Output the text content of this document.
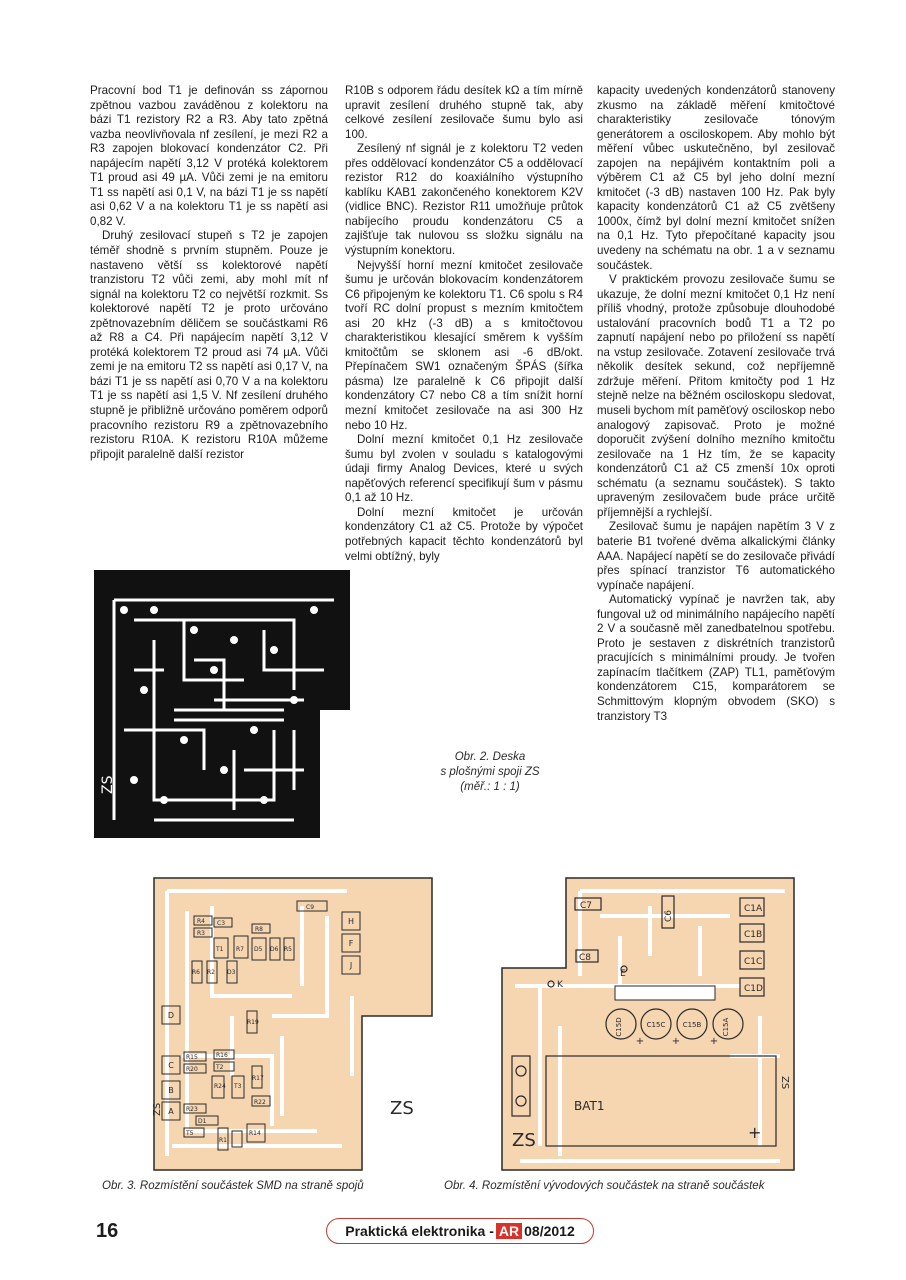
Pracovní bod T1 je definován ss zápornou zpětnou vazbou zaváděnou z kolektoru na bázi T1 rezistory R2 a R3. Aby tato zpětná vazba neovlivňovala nf zesílení, je mezi R2 a R3 zapojen blokovací kondenzátor C2. Při napájecím napětí 3,12 V protéká kolektorem T1 proud asi 49 µA. Vůči zemi je na emitoru T1 ss napětí asi 0,1 V, na bázi T1 je ss napětí asi 0,62 V a na kolektoru T1 je ss napětí asi 0,82 V.

Druhý zesilovací stupeň s T2 je zapojen téměř shodně s prvním stupněm. Pouze je nastaveno větší ss kolektorové napětí tranzistoru T2 vůči zemi, aby mohl mít nf signál na kolektoru T2 co největší rozkmit. Ss kolektorové napětí T2 je proto určováno zpětnovazebním děličem se součástkami R6 až R8 a C4. Při napájecím napětí 3,12 V protéká kolektorem T2 proud asi 74 µA. Vůči zemi je na emitoru T2 ss napětí asi 0,17 V, na bázi T1 je ss napětí asi 0,70 V a na kolektoru T1 je ss napětí asi 1,5 V. Nf zesílení druhého stupně je přibližně určováno poměrem odporů pracovního rezistoru R9 a zpětnovazebního rezistoru R10A. K rezistoru R10A můžeme připojit paralelně další rezistor

R10B s odporem řádu desítek kΩ a tím mírně upravit zesílení druhého stupně tak, aby celkové zesílení zesilovače šumu bylo asi 100.

Zesílený nf signál je z kolektoru T2 veden přes oddělovací kondenzátor C5 a oddělovací rezistor R12 do koaxiálního výstupního kablíku KAB1 zakončeného konektorem K2V (vidlice BNC). Rezistor R11 umožňuje průtok nabíjecího proudu kondenzátoru C5 a zajišťuje tak nulovou ss složku signálu na výstupním konektoru.

Nejvyšší horní mezní kmitočet zesilovače šumu je určován blokovacím kondenzátorem C6 připojeným ke kolektoru T1. C6 spolu s R4 tvoří RC dolní propust s mezním kmitočtem asi 20 kHz (-3 dB) a s kmitočtovou charakteristikou klesající směrem k vyšším kmitočtům se sklonem asi -6 dB/okt. Přepínačem SW1 označeným ŠPÁS (šířka pásma) lze paralelně k C6 připojit další kondenzátory C7 nebo C8 a tím snížit horní mezní kmitočet zesilovače na asi 300 Hz nebo 10 Hz.

Dolní mezní kmitočet 0,1 Hz zesilovače šumu byl zvolen v souladu s katalogovými údaji firmy Analog Devices, které u svých napěťových referencí specifikují šum v pásmu 0,1 až 10 Hz.

Dolní mezní kmitočet je určován kondenzátory C1 až C5. Protože by výpočet potřebných kapacit těchto kondenzátorů byl velmi obtížný, byly

kapacity uvedených kondenzátorů stanoveny zkusmo na základě měření kmitočtové charakteristiky zesilovače tónovým generátorem a osciloskopem. Aby mohlo být měření vůbec uskutečněno, byl zesilovač zapojen na nepájivém kontaktním poli a výběrem C1 až C5 byl jeho dolní mezní kmitočet (-3 dB) nastaven 100 Hz. Pak byly kapacity kondenzátorů C1 až C5 zvětšeny 1000x, čímž byl dolní mezní kmitočet snížen na 0,1 Hz. Tyto přepočítané kapacity jsou uvedeny na schématu na obr. 1 a v seznamu součástek.

V praktickém provozu zesilovače šumu se ukazuje, že dolní mezní kmitočet 0,1 Hz není příliš vhodný, protože způsobuje dlouhodobé ustalování pracovních bodů T1 a T2 po zapnutí napájení nebo po přiložení ss napětí na vstup zesilovače. Zotavení zesilovače trvá několik desítek sekund, což nepříjemně zdržuje měření. Přitom kmitočty pod 1 Hz stejně nelze na běžném osciloskopu sledovat, museli bychom mít paměťový osciloskop nebo analogový zapisovač. Proto je možné doporučit zvýšení dolního mezního kmitočtu zesilovače na 1 Hz tím, že se kapacity kondenzátorů C1 až C5 zmenší 10x oproti schématu (a seznamu součástek). S takto upraveným zesilovačem bude práce určitě příjemnější a rychlejší.

Zesilovač šumu je napájen napětím 3 V z baterie B1 tvořené dvěma alkalickými články AAA. Napájecí napětí se do zesilovače přivádí přes spínací tranzistor T6 automatického vypínače napájení.

Automatický vypínač je navržen tak, aby fungoval už od minimálního napájecího napětí 2 V a současně měl zanedbatelnou spotřebu. Proto je sestaven z diskrétních tranzistorů pracujících s minimálními proudy. Je tvořen zapínacím tlačítkem (ZAP) TL1, paměťovým kondenzátorem C15, komparátorem se Schmittovým klopným obvodem (SKO) s tranzistory T3

ZS
Obr. 2. Deska
s plošnými spoji ZS
(měř.: 1 : 1)
H
F
J
D
C
B
A
C9
R4 C3
R3
T1
R8
R7 D5 D6 R5
R6 R2 D3
R19
R16
R15
R20	T2
R24 T3
R17
R22
R23
D1
T5
R1
R14
ZS	ZS
Obr. 3. Rozmístění součástek SMD na straně spojů
C7
C6
C8
E
K
C1A
C1B
C1C
C1D
C15D	C15C C15B	C15A
+	+	+
BAT1
+
ZS
ZS
Obr. 4. Rozmístění vývodových součástek na straně součástek
16	Praktická elektronika - AR 08/2012
